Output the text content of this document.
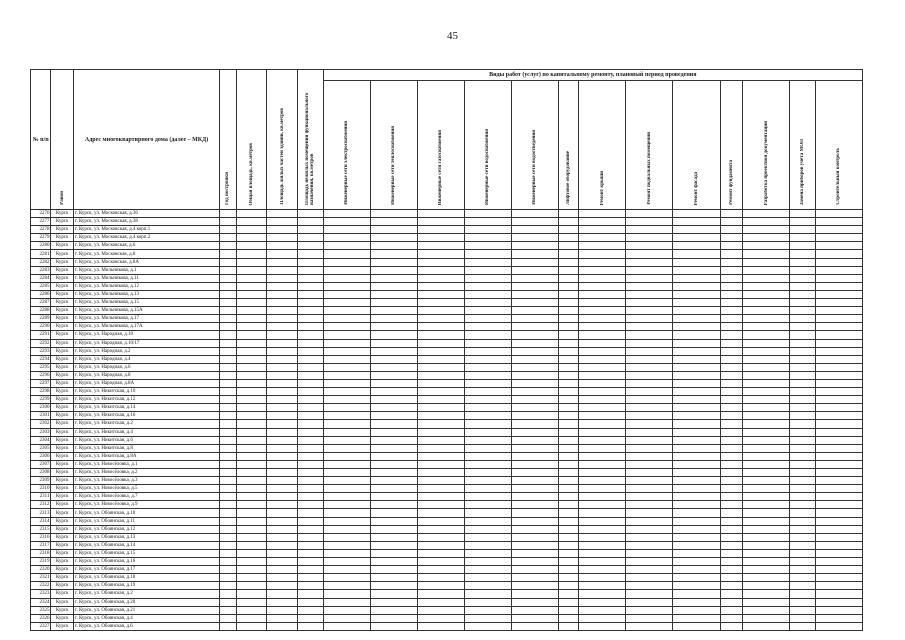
45
№ п/п	Район	Адрес многоквартирного дома (далее – МКД)	Год постройки	Общая площадь, кв.метров	Площадь жилых частей зданий, кв.метров	Площадь нежилых помещений функционального назначения, кв.метров	Виды работ (услуг) по капитальному ремонту, плановый период проведения												
							Инженерные сети электроснабжения	Инженерные сети теплоснабжения	Инженерные сети газоснабжения	Инженерные сети водоснабжения	Инженерные сети водоотведения	Лифтовое оборудование	Ремонт крыши	Ремонт подвальных помещений	Ремонт фасада	Ремонт фундамента	Разработка проектной документации	Замена приборов учёта МОП	Строительный контроль
2276	Курск	г. Курск, ул. Московская, д.36																	
2277	Курск	г. Курск, ул. Московская, д.38																	
2278	Курск	г. Курск, ул. Московская, д.4 корп.1																	
2279	Курск	г. Курск, ул. Московская, д.4 корп.2																	
2280	Курск	г. Курск, ул. Московская, д.6																	
2281	Курск	г. Курск, ул. Московская, д.8																	
2282	Курск	г. Курск, ул. Московская, д.8А																	
2283	Курск	г. Курск, ул. Мильникова, д.1																	
2284	Курск	г. Курск, ул. Мильникова, д.11																	
2285	Курск	г. Курск, ул. Мильникова, д.12																	
2286	Курск	г. Курск, ул. Мильникова, д.13																	
2287	Курск	г. Курск, ул. Мильникова, д.15																	
2288	Курск	г. Курск, ул. Мильникова, д.15А																	
2289	Курск	г. Курск, ул. Мильникова, д.17																	
2290	Курск	г. Курск, ул. Мильникова, д.17А																	
2291	Курск	г. Курск, ул. Народная, д.10																	
2292	Курск	г. Курск, ул. Народная, д.10/17																	
2293	Курск	г. Курск, ул. Народная, д.2																	
2294	Курск	г. Курск, ул. Народная, д.4																	
2295	Курск	г. Курск, ул. Народная, д.6																	
2296	Курск	г. Курск, ул. Народная, д.8																	
2297	Курск	г. Курск, ул. Народная, д.8А																	
2298	Курск	г. Курск, ул. Никитская, д.10																	
2299	Курск	г. Курск, ул. Никитская, д.12																	
2300	Курск	г. Курск, ул. Никитская, д.14																	
2301	Курск	г. Курск, ул. Никитская, д.16																	
2302	Курск	г. Курск, ул. Никитская, д.2																	
2303	Курск	г. Курск, ул. Никитская, д.4																	
2304	Курск	г. Курск, ул. Никитская, д.6																	
2305	Курск	г. Курск, ул. Никитская, д.8																	
2306	Курск	г. Курск, ул. Никитская, д.8А																	
2307	Курск	г. Курск, ул. Новосёловка, д.1																	
2308	Курск	г. Курск, ул. Новосёловка, д.2																	
2309	Курск	г. Курск, ул. Новосёловка, д.3																	
2310	Курск	г. Курск, ул. Новосёловка, д.5																	
2311	Курск	г. Курск, ул. Новосёловка, д.7																	
2312	Курск	г. Курск, ул. Новосёловка, д.9																	
2313	Курск	г. Курск, ул. Обоянская, д.10																	
2314	Курск	г. Курск, ул. Обоянская, д.11																	
2315	Курск	г. Курск, ул. Обоянская, д.12																	
2316	Курск	г. Курск, ул. Обоянская, д.13																	
2317	Курск	г. Курск, ул. Обоянская, д.14																	
2318	Курск	г. Курск, ул. Обоянская, д.15																	
2319	Курск	г. Курск, ул. Обоянская, д.16																	
2320	Курск	г. Курск, ул. Обоянская, д.17																	
2321	Курск	г. Курск, ул. Обоянская, д.18																	
2322	Курск	г. Курск, ул. Обоянская, д.19																	
2323	Курск	г. Курск, ул. Обоянская, д.2																	
2324	Курск	г. Курск, ул. Обоянская, д.20																	
2325	Курск	г. Курск, ул. Обоянская, д.21																	
2326	Курск	г. Курск, ул. Обоянская, д.4																	
2327	Курск	г. Курск, ул. Обоянская, д.6																	
